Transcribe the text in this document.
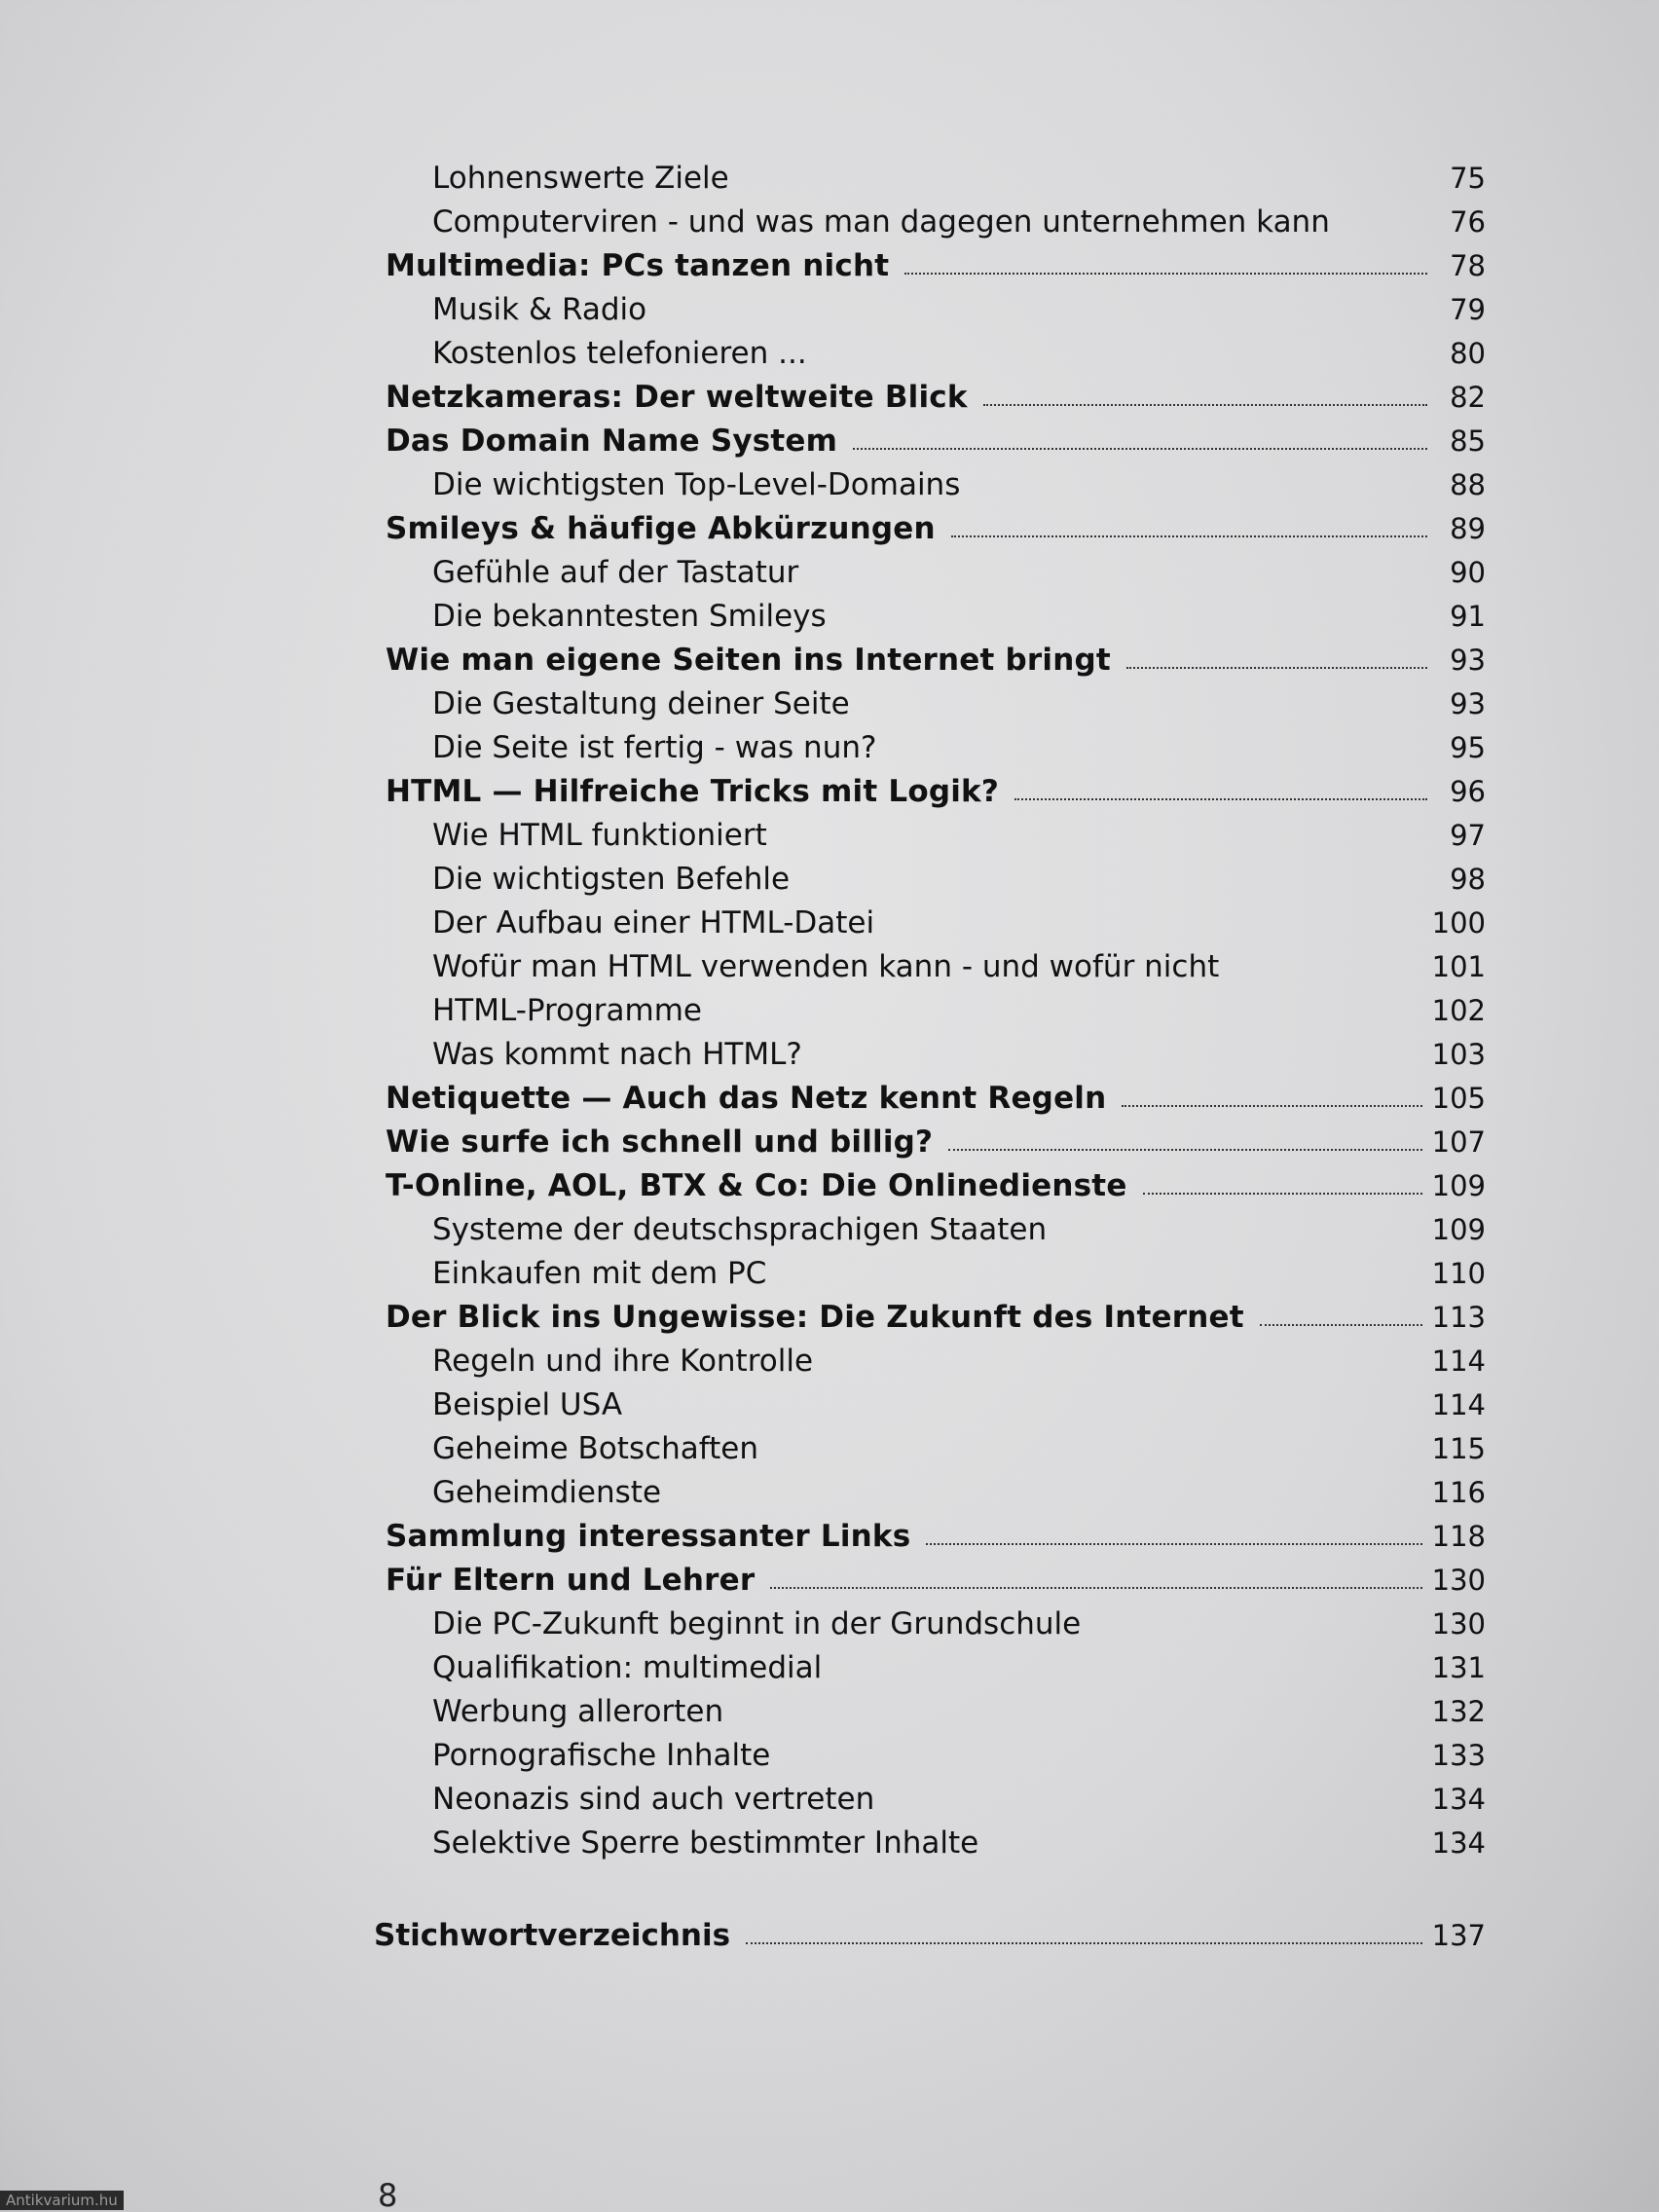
Lohnenswerte Ziele	75
Computerviren - und was man dagegen unternehmen kann	76
Multimedia: PCs tanzen nicht	78
Musik & Radio	79
Kostenlos telefonieren ...	80
Netzkameras: Der weltweite Blick	82
Das Domain Name System	85
Die wichtigsten Top-Level-Domains	88
Smileys & häufige Abkürzungen	89
Gefühle auf der Tastatur	90
Die bekanntesten Smileys	91
Wie man eigene Seiten ins Internet bringt	93
Die Gestaltung deiner Seite	93
Die Seite ist fertig - was nun?	95
HTML — Hilfreiche Tricks mit Logik?	96
Wie HTML funktioniert	97
Die wichtigsten Befehle	98
Der Aufbau einer HTML-Datei	100
Wofür man HTML verwenden kann - und wofür nicht	101
HTML-Programme	102
Was kommt nach HTML?	103
Netiquette — Auch das Netz kennt Regeln	105
Wie surfe ich schnell und billig?	107
T-Online, AOL, BTX & Co: Die Onlinedienste	109
Systeme der deutschsprachigen Staaten	109
Einkaufen mit dem PC	110
Der Blick ins Ungewisse: Die Zukunft des Internet	113
Regeln und ihre Kontrolle	114
Beispiel USA	114
Geheime Botschaften	115
Geheimdienste	116
Sammlung interessanter Links	118
Für Eltern und Lehrer	130
Die PC-Zukunft beginnt in der Grundschule	130
Qualifikation: multimedial	131
Werbung allerorten	132
Pornografische Inhalte	133
Neonazis sind auch vertreten	134
Selektive Sperre bestimmter Inhalte	134
Stichwortverzeichnis	137
8
Antikvarium.hu
